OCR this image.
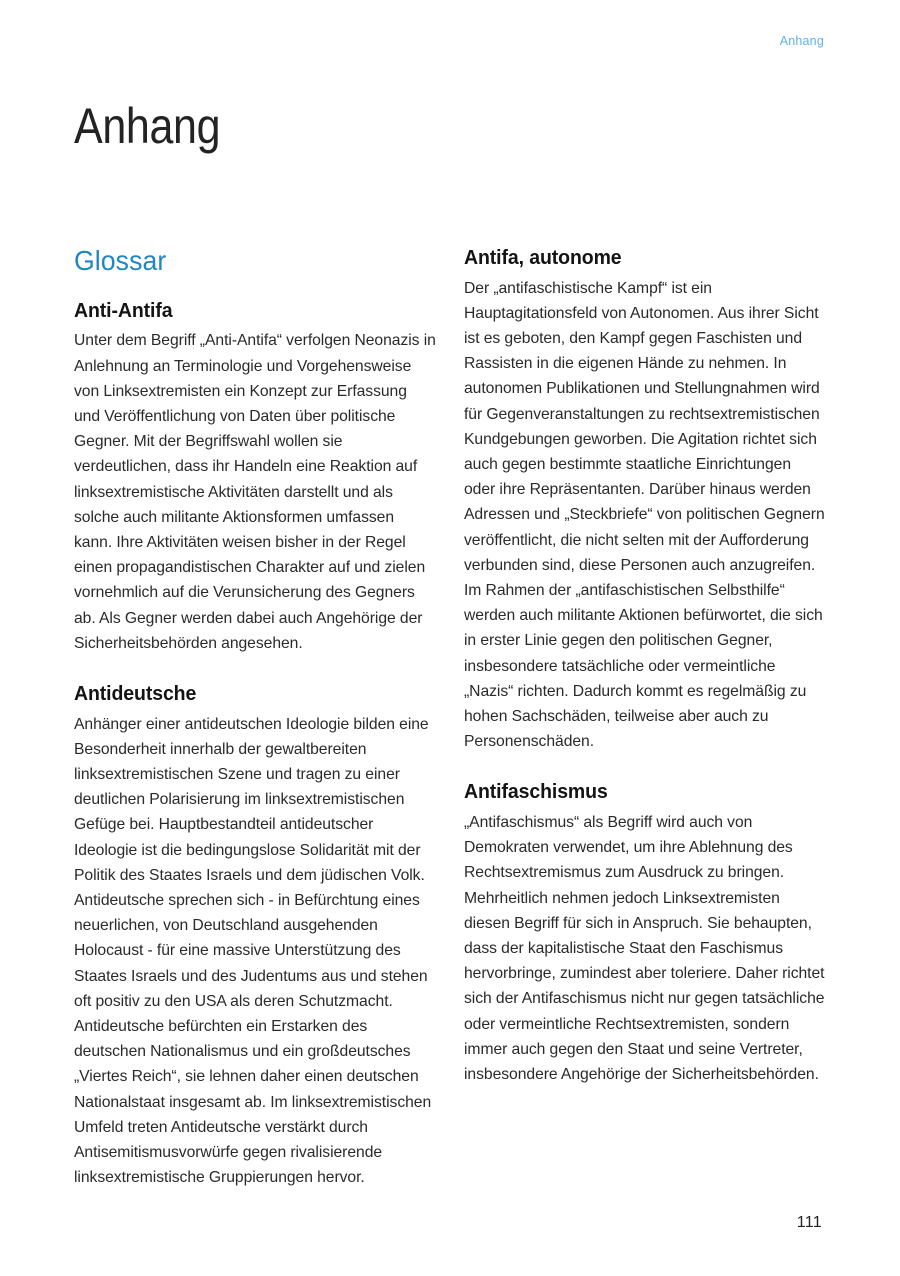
Anhang
Anhang
Glossar
Anti-Antifa

Unter dem Begriff „Anti-Antifa“ verfolgen Neonazis in Anlehnung an Terminologie und Vorgehensweise von Linksextremisten ein Konzept zur Erfassung und Veröffentlichung von Daten über politische Gegner. Mit der Begriffswahl wollen sie verdeutlichen, dass ihr Handeln eine Reaktion auf linksextremistische Aktivitäten darstellt und als solche auch militante Aktionsformen umfassen kann. Ihre Aktivitäten weisen bisher in der Regel einen propagandistischen Charakter auf und zielen vornehmlich auf die Verunsicherung des Gegners ab. Als Gegner werden dabei auch Angehörige der Sicherheitsbehörden angesehen.

Antideutsche

Anhänger einer antideutschen Ideologie bilden eine Besonderheit innerhalb der gewaltbereiten linksextremistischen Szene und tragen zu einer deutlichen Polarisierung im linksextremistischen Gefüge bei. Hauptbestandteil antideutscher Ideologie ist die bedingungslose Solidarität mit der Politik des Staates Israels und dem jüdischen Volk. Antideutsche sprechen sich - in Befürchtung eines neuerlichen, von Deutschland ausgehenden Holocaust - für eine massive Unterstützung des Staates Israels und des Judentums aus und stehen oft positiv zu den USA als deren Schutzmacht. Antideutsche befürchten ein Erstarken des deutschen Nationalismus und ein großdeutsches „Viertes Reich“, sie lehnen daher einen deutschen Nationalstaat insgesamt ab. Im linksextremistischen Umfeld treten Antideutsche verstärkt durch Antisemitismusvorwürfe gegen rivalisierende linksextremistische Gruppierungen hervor.

Antifa, autonome

Der „antifaschistische Kampf“ ist ein Hauptagitationsfeld von Autonomen. Aus ihrer Sicht ist es geboten, den Kampf gegen Faschisten und Rassisten in die eigenen Hände zu nehmen. In autonomen Publikationen und Stellungnahmen wird für Gegenveranstaltungen zu rechtsextremistischen Kundgebungen geworben. Die Agitation richtet sich auch gegen bestimmte staatliche Einrichtungen oder ihre Repräsentanten. Darüber hinaus werden Adressen und „Steckbriefe“ von politischen Gegnern veröffentlicht, die nicht selten mit der Aufforderung verbunden sind, diese Personen auch anzugreifen. Im Rahmen der „antifaschistischen Selbsthilfe“ werden auch militante Aktionen befürwortet, die sich in erster Linie gegen den politischen Gegner, insbesondere tatsächliche oder vermeintliche „Nazis“ richten. Dadurch kommt es regelmäßig zu hohen Sachschäden, teilweise aber auch zu Personenschäden.

Antifaschismus

„Antifaschismus“ als Begriff wird auch von Demokraten verwendet, um ihre Ablehnung des Rechtsextremismus zum Ausdruck zu bringen. Mehrheitlich nehmen jedoch Linksextremisten diesen Begriff für sich in Anspruch. Sie behaupten, dass der kapitalistische Staat den Faschismus hervorbringe, zumindest aber toleriere. Daher richtet sich der Antifaschismus nicht nur gegen tatsächliche oder vermeintliche Rechtsextremisten, sondern immer auch gegen den Staat und seine Vertreter, insbesondere Angehörige der Sicherheitsbehörden.

111
